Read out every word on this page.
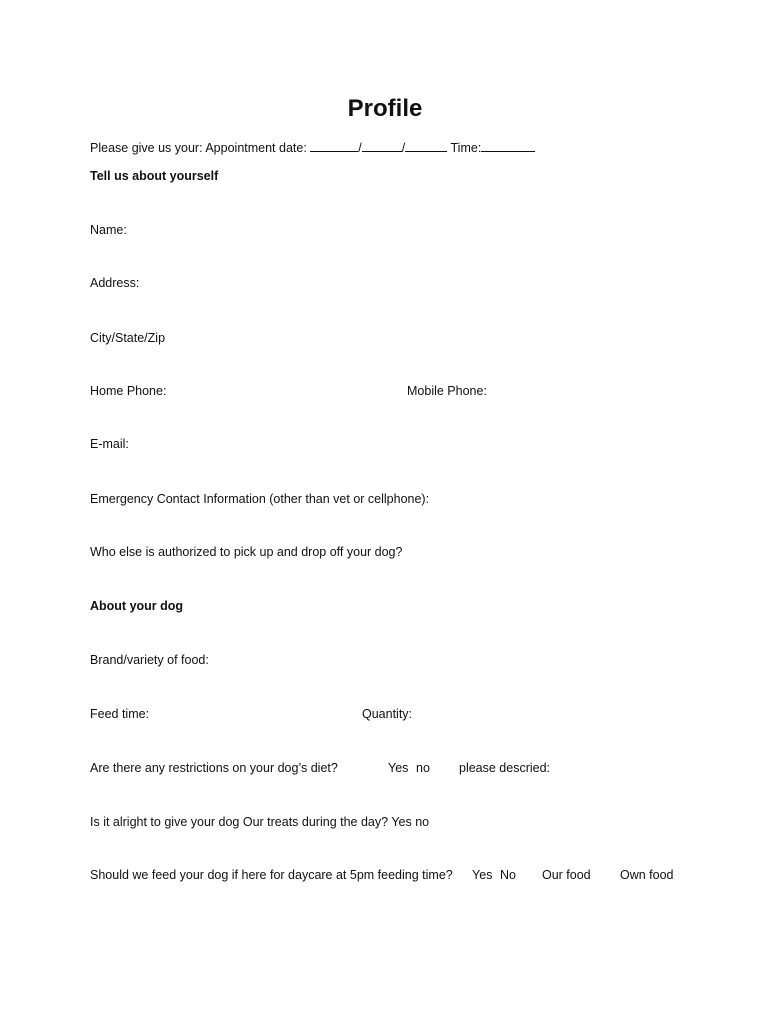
Profile
Please give us your: Appointment date:	/	/	Time:
Tell us about yourself
Name:
Address:
City/State/Zip
Home Phone:	Mobile Phone:
E-mail:
Emergency Contact Information (other than vet or cellphone):
Who else is authorized to pick up and drop off your dog?
About your dog
Brand/variety of food:
Feed time:	Quantity:
Are there any restrictions on your dog’s diet?	Yes no please descried:
Is it alright to give your dog Our treats during the day? Yes no
Should we feed your dog if here for daycare at 5pm feeding time? Yes No Our food Own food
